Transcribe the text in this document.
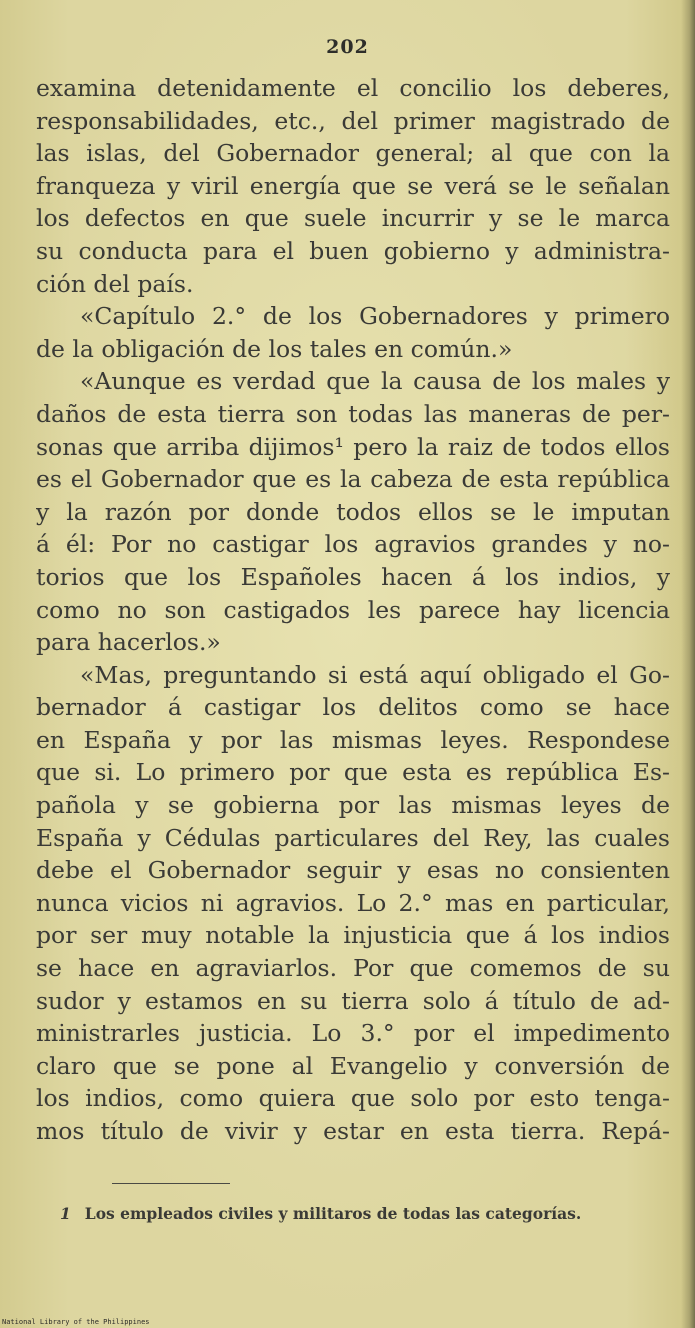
202
examina detenidamente el concilio los deberes,
responsabilidades, etc., del primer magistrado de
las islas, del Gobernador general; al que con la
franqueza y viril energía que se verá se le señalan
los defectos en que suele incurrir y se le marca
su conducta para el buen gobierno y administra-
ción del país.
«Capítulo 2.° de los Gobernadores y primero
de la obligación de los tales en común.»
«Aunque es verdad que la causa de los males y
daños de esta tierra son todas las maneras de per-
sonas que arriba dijimos¹ pero la raiz de todos ellos
es el Gobernador que es la cabeza de esta república
y la razón por donde todos ellos se le imputan
á él: Por no castigar los agravios grandes y no-
torios que los Españoles hacen á los indios, y
como no son castigados les parece hay licencia
para hacerlos.»
«Mas, preguntando si está aquí obligado el Go-
bernador á castigar los delitos como se hace
en España y por las mismas leyes. Respondese
que si. Lo primero por que esta es república Es-
pañola y se gobierna por las mismas leyes de
España y Cédulas particulares del Rey, las cuales
debe el Gobernador seguir y esas no consienten
nunca vicios ni agravios. Lo 2.° mas en particular,
por ser muy notable la injusticia que á los indios
se hace en agraviarlos. Por que comemos de su
sudor y estamos en su tierra solo á título de ad-
ministrarles justicia. Lo 3.° por el impedimento
claro que se pone al Evangelio y conversión de
los indios, como quiera que solo por esto tenga-
mos título de vivir y estar en esta tierra. Repá-
1 Los empleados civiles y militaros de todas las categorías.
National Library of the Philippines
